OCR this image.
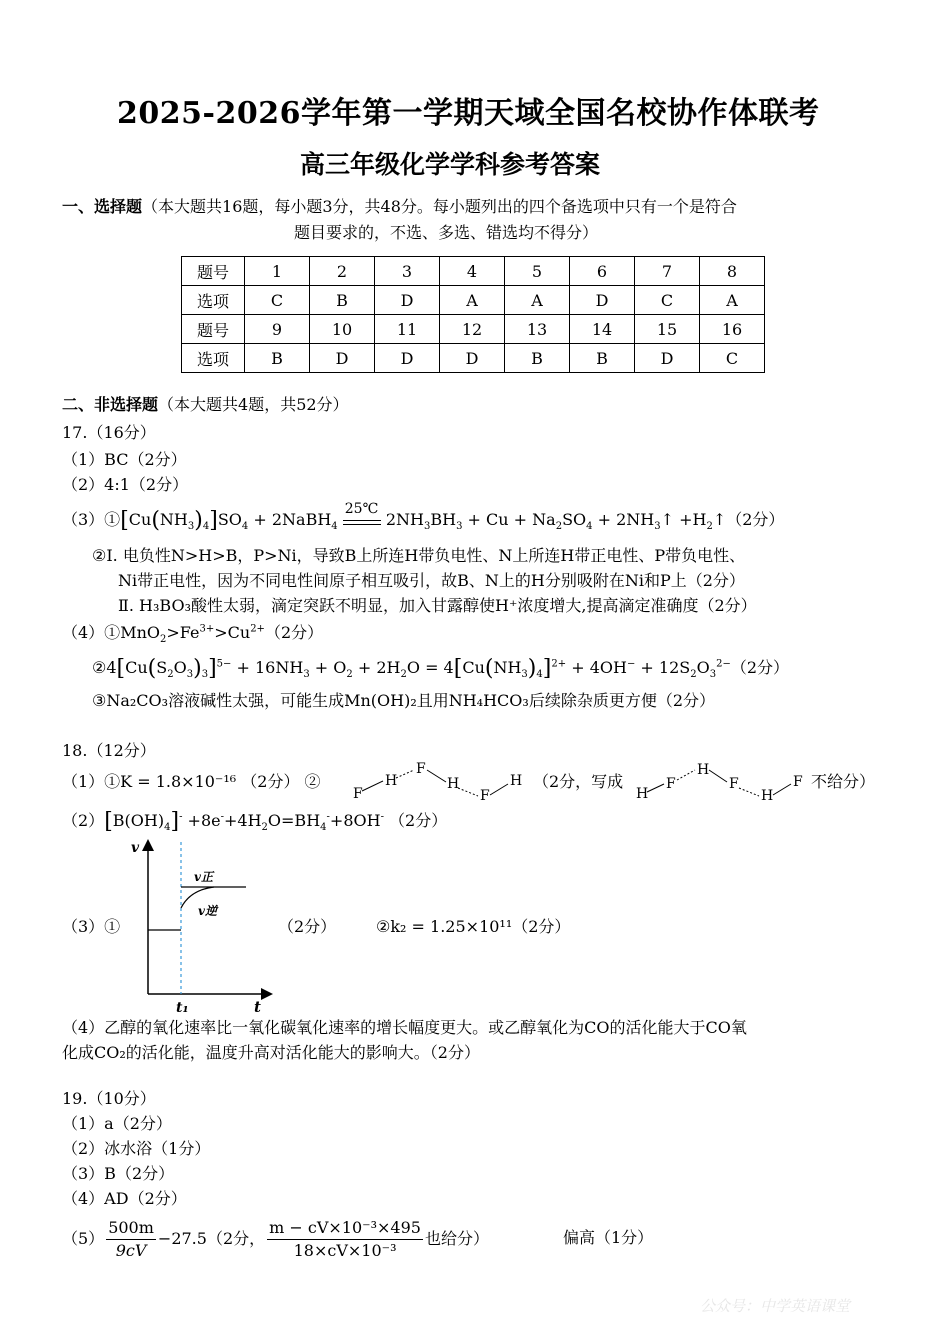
2025-2026学年第一学期天域全国名校协作体联考
高三年级化学学科参考答案
一、选择题（本大题共16题，每小题3分，共48分。每小题列出的四个备选项中只有一个是符合
题目要求的，不选、多选、错选均不得分）
题号	1	2	3	4	5	6	7	8
选项	C	B	D	A	A	D	C	A
题号	9	10	11	12	13	14	15	16
选项	B	D	D	D	B	B	D	C
二、非选择题（本大题共4题，共52分）
17.（16分）
（1）BC（2分）
（2）4:1（2分）
$(3)①[Cu(NH_3)_4]SO_4$ + 2NaBH$_4$
25℃
$2NH_3BH_3 + Cu + Na_2SO_4$ + $2NH_3↑$ $+H_2↑(2$分）
②Ⅰ. 电负性N>H>B，P>Ni，导致B上所连H带负电性、N上所连H带正电性、P带负电性、
Ni带正电性，因为不同电性间原子相互吸引，故B、N上的H分别吸附在Ni和P上（2分）
Ⅱ. H₃BO₃酸性太弱，滴定突跃不明显，加入甘露醇使H⁺浓度增大,提高滴定准确度（2分）
$(4)①MnO_2>Fe^{3+}>Cu^{2+}(2$分）
$②4[Cu(S_2O_3)_3]^{5-} + 16NH_3 + O_2 + 2H_2O = 4[Cu(NH_3)_4]^{2+} + 4OH^- + 12S_2O_3^{2-}(2$分）
③Na₂CO₃溶液碱性太强，可能生成Mn(OH)₂且用NH₄HCO₃后续除杂质更方便（2分）
18.（12分）
（1）①K = 1.8×10⁻¹⁶ （2分） ②
F
H
F
H
F
H （2分，写成
H
F
H
F
H
F 不给分）
$(2)[B(OH)_4]^- +8e^-+4H_2O=BH_4^-+8OH^-$ （2分）
v
t
t₁
v正
v逆
（3）①	（2分） ②k₂ = 1.25×10¹¹（2分）
（4）乙醇的氧化速率比一氧化碳氧化速率的增长幅度更大。或乙醇氧化为CO的活化能大于CO氧
化成CO₂的活化能，温度升高对活化能大的影响大。（2分）
19.（10分）
（1）a（2分）
（2）冰水浴（1分）
（3）B（2分）
（4）AD（2分）
$(5) \frac{500m}{9cV} -27.5(2$分， $\frac{\text{m − cV×10⁻³×495}}{\text{18×cV×10⁻³}}$ 也给分）	偏高（1分）
公众号：中学英语课堂
